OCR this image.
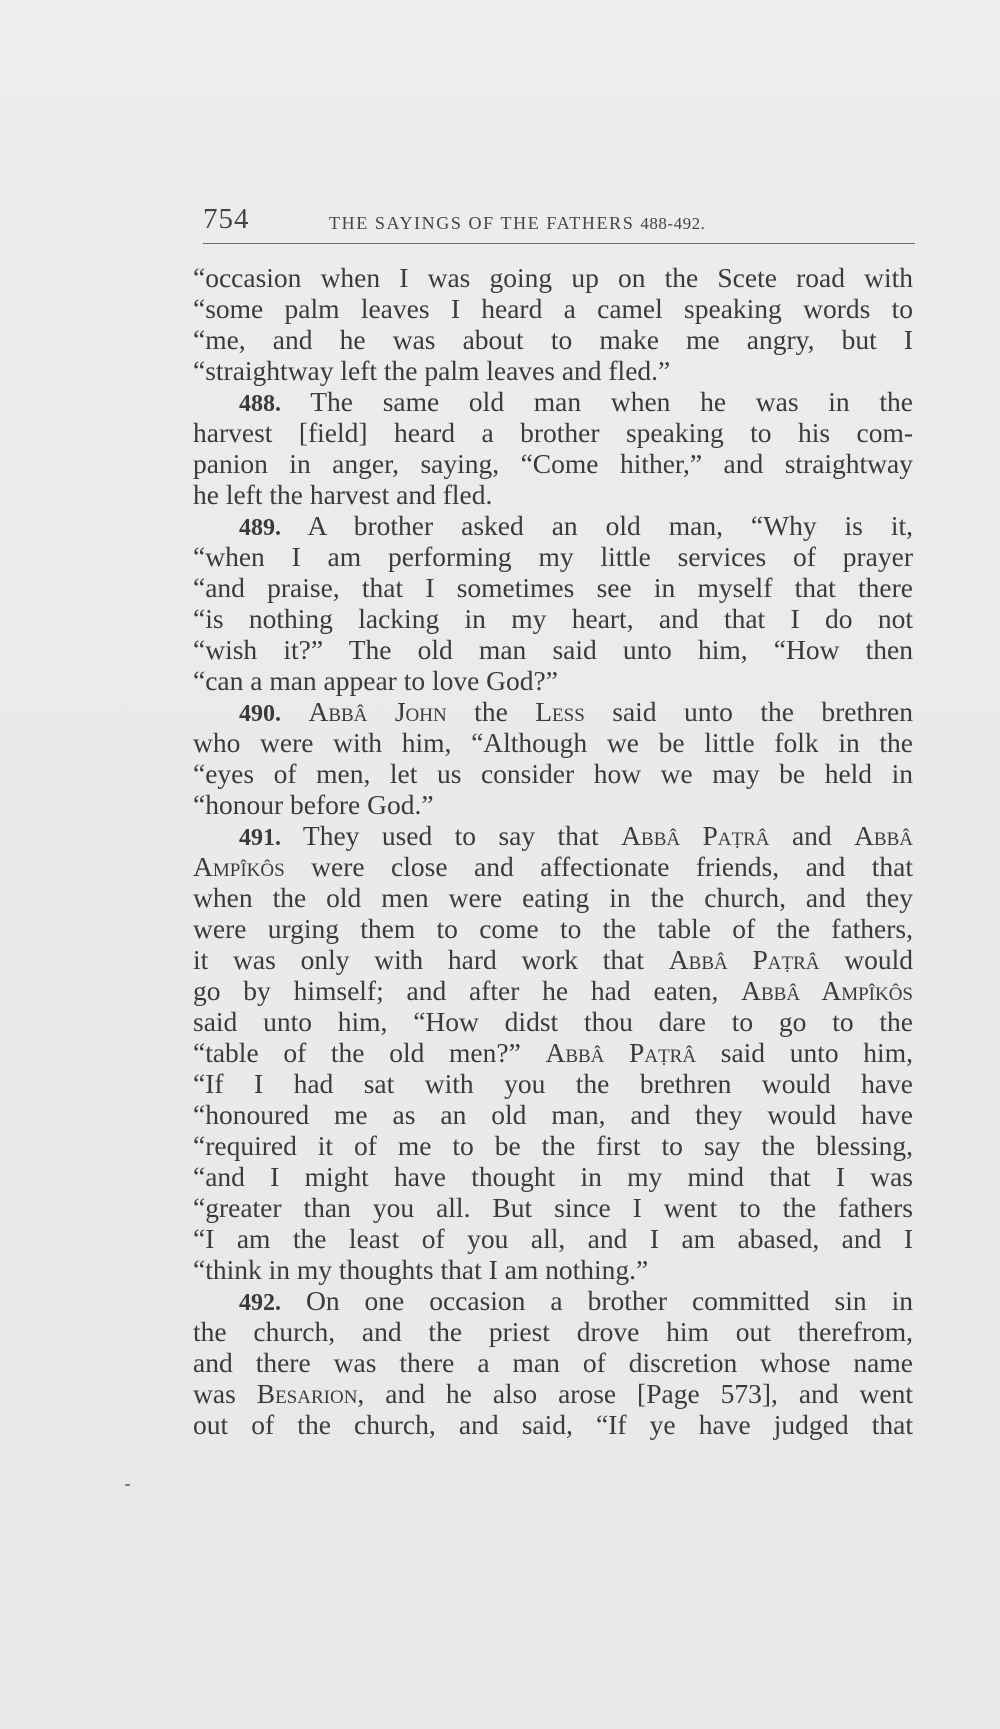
754	THE SAYINGS OF THE FATHERS 488-492.
“occasion when I was going up on the Scete road with
“some palm leaves I heard a camel speaking words to
“me, and he was about to make me angry, but I
“straightway left the palm leaves and fled.”
488. The same old man when he was in the
harvest [field] heard a brother speaking to his com-
panion in anger, saying, “Come hither,” and straightway
he left the harvest and fled.
489. A brother asked an old man, “Why is it,
“when I am performing my little services of prayer
“and praise, that I sometimes see in myself that there
“is nothing lacking in my heart, and that I do not
“wish it?” The old man said unto him, “How then
“can a man appear to love God?”
490. Abbâ John the Less said unto the brethren
who were with him, “Although we be little folk in the
“eyes of men, let us consider how we may be held in
“honour before God.”
491. They used to say that Abbâ Paṭrâ and Abbâ
Ampîkôs were close and affectionate friends, and that
when the old men were eating in the church, and they
were urging them to come to the table of the fathers,
it was only with hard work that Abbâ Paṭrâ would
go by himself; and after he had eaten, Abbâ Ampîkôs
said unto him, “How didst thou dare to go to the
“table of the old men?” Abbâ Paṭrâ said unto him,
“If I had sat with you the brethren would have
“honoured me as an old man, and they would have
“required it of me to be the first to say the blessing,
“and I might have thought in my mind that I was
“greater than you all. But since I went to the fathers
“I am the least of you all, and I am abased, and I
“think in my thoughts that I am nothing.”
492. On one occasion a brother committed sin in
the church, and the priest drove him out therefrom,
and there was there a man of discretion whose name
was Besarion, and he also arose [Page 573], and went
out of the church, and said, “If ye have judged that
